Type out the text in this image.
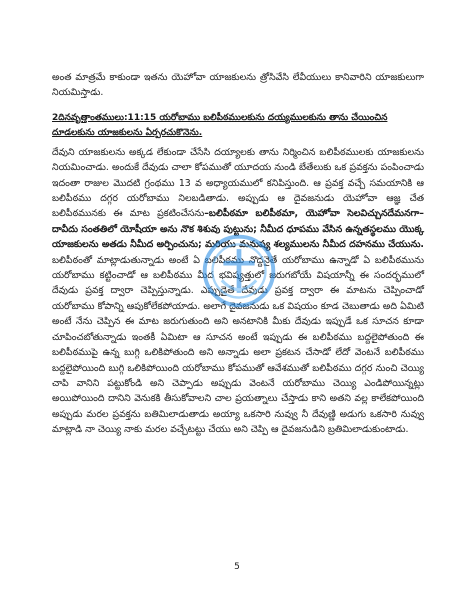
అంత మాత్రమే కాకుండా ఇతను యెహోవా యాజకులను త్రోసివేసి లేవీయులు కానివారిని యాజకులుగా నియమిస్తాడు.

2దినవృత్తాంతములు:11:15 యరోబాము బలిపీఠములకును దయ్యములకును తాను చేయించిన

దూడలకును యాజకులను ఏర్పరచుకొనెను.

దేవుని యాజకులను అక్కడ లేకుండా చేసేసి దయ్యాలకు తాను నిర్మించిన బలిపీఠములకు యాజకులను నియమించాడు. అందుకే దేవుడు చాలా కోపముతో యూదయ నుండి బేతేలుకు ఒక ప్రవక్తను పంపించాడు ఇదంతా రాజుల మొదటి గ్రంథము 13 వ అధ్యాయములో కనిపిస్తుంది. ఆ ప్రవక్త వచ్చే సమయానికి ఆ బలిపీఠము దగ్గర యరోబాము నిలబడితాడు. అప్పుడు ఆ దైవజనుడు యెహోవా ఆజ్ఞ చేత బలిపీఠమునకు ఈ మాట ప్రకటించేసను–బలిపీఠమా బలిపీఠమా, యెహోవా సెలవిచ్చునదేమనగా–దావీదు సంతతిలో యోషీయా అను నొక శిశువు పుట్టును; నీమీద ధూపము వేసిన ఉన్నతస్థలము యొక్క యాజకులను అతడు నీమీద అర్పించును; మరియు మనుష్య శల్యములను నీమీద దహనము చేయును. బలిపీఠంతో మాట్లాడుతున్నాడు అంటే ఏ బలిపీఠము నొద్దనైతే యరోబాము ఉన్నాడో ఏ బలిపీఠమును యరోబాము కట్టించాడో ఆ బలిపీఠము మీద భవిష్యత్తులో జరుగబోయే విషయాన్నీ ఈ సందర్భములో దేవుడు ప్రవక్త ద్వారా చెప్పిస్తున్నాడు. ఎప్పుడైతే దేవుడు ప్రవక్త ద్వారా ఈ మాటను చెప్పించాడో యరోబాము కోపాన్ని ఆపుకోలేకపోయాడు. అలాగే దైవజనుడు ఒక విషయం కూడ చెబుతాడు అది ఏమిటి అంటే నేను చెప్పిన ఈ మాట జరుగుతుంది అని అనటానికి మీకు దేవుడు ఇప్పుడే ఒక సూచన కూడా చూపించబోతున్నాడు ఇంతకీ ఏమిటా ఆ సూచన అంటే ఇప్పుడు ఈ బలిపీఠము బద్దలైపోతుంది ఈ బలిపీఠముపై ఉన్న బుగ్గి ఒలికిపోతుంది అని అన్నాడు అలా ప్రకటన చేసాడో లేదో వెంటనే బలిపీఠము బద్దలైపోయింది బుగ్గి ఒలికిపోయింది యరోబాము కోపముతో ఆవేశముతో బలిపీఠము దగ్గర నుంచి చెయ్యి చాపి వానిని పట్టుకోండి అని చెప్పాడు అప్పుడు వెంటనే యరోబాము చెయ్యి ఎండిపోయిన్నట్లు అయిపోయింది దానిని వెనుకకి తీసుకోవాలని చాల ప్రయత్నాలు చేస్తాడు కాని అతని వల్ల కాలేకపోయింది అప్పుడు మరల ప్రవక్తను బతిమిలాడుతాడు అయ్యా ఒకసారి నువ్వు నీ దేవుణ్ణి అడుగు ఒకసారి నువ్వు మాట్లాడి నా చెయ్యి నాకు మరల వచ్చేటట్టు చేయు అని చెప్పి ఆ దైవజనుడిని బ్రతిమిలాడుకుంటాడు.

5
